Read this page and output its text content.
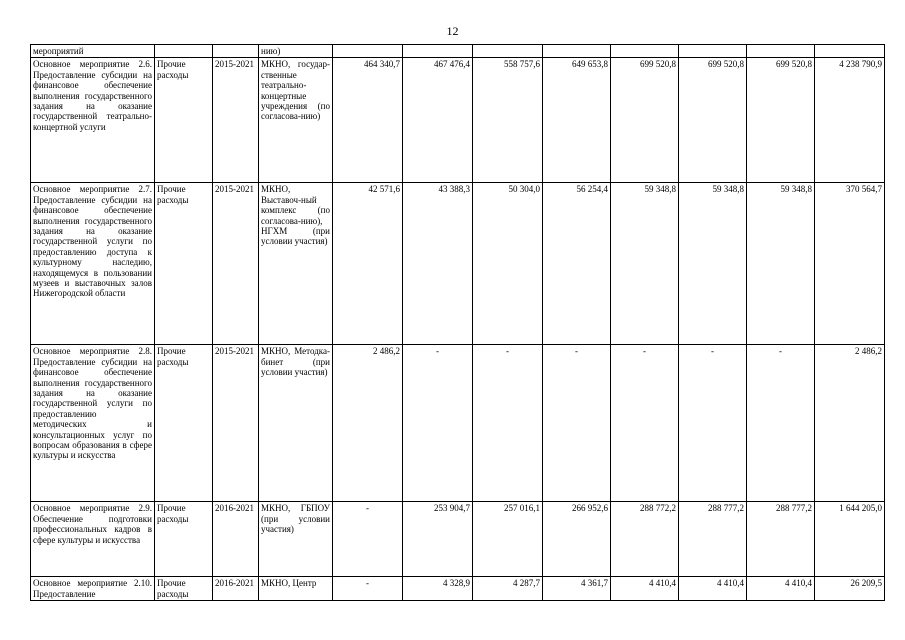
12
мероприятий			нию)								
Основное мероприятие 2.6. Предоставление субсидии на финансовое обеспечение выполнения государственного задания на оказание государственной театрально-концертной услуги	Прочие расходы	2015-2021	МКНО, государ-ственные театрально-концертные учреждения (по согласова-нию)	464 340,7	467 476,4	558 757,6	649 653,8	699 520,8	699 520,8	699 520,8	4 238 790,9
Основное мероприятие 2.7. Предоставление субсидии на финансовое обеспечение выполнения государственного задания на оказание государственной услуги по предоставлению доступа к культурному наследию, находящемуся в пользовании музеев и выставочных залов Нижегородской области	Прочие расходы	2015-2021	МКНО, Выставоч-ный комплекс (по согласова-нию), НГХМ (при условии участия)	42 571,6	43 388,3	50 304,0	56 254,4	59 348,8	59 348,8	59 348,8	370 564,7
Основное мероприятие 2.8. Предоставление субсидии на финансовое обеспечение выполнения государственного задания на оказание государственной услуги по предоставлению методических и консультационных услуг по вопросам образования в сфере культуры и искусства	Прочие расходы	2015-2021	МКНО, Методка-бинет (при условии участия)	2 486,2	-	-	-	-	-	-	2 486,2
Основное мероприятие 2.9. Обеспечение подготовки профессиональных кадров в сфере культуры и искусства	Прочие расходы	2016-2021	МКНО, ГБПОУ (при условии участия)	-	253 904,7	257 016,1	266 952,6	288 772,2	288 777,2	288 777,2	1 644 205,0
Основное мероприятие 2.10. Предоставление	Прочие расходы	2016-2021	МКНО, Центр	-	4 328,9	4 287,7	4 361,7	4 410,4	4 410,4	4 410,4	26 209,5
